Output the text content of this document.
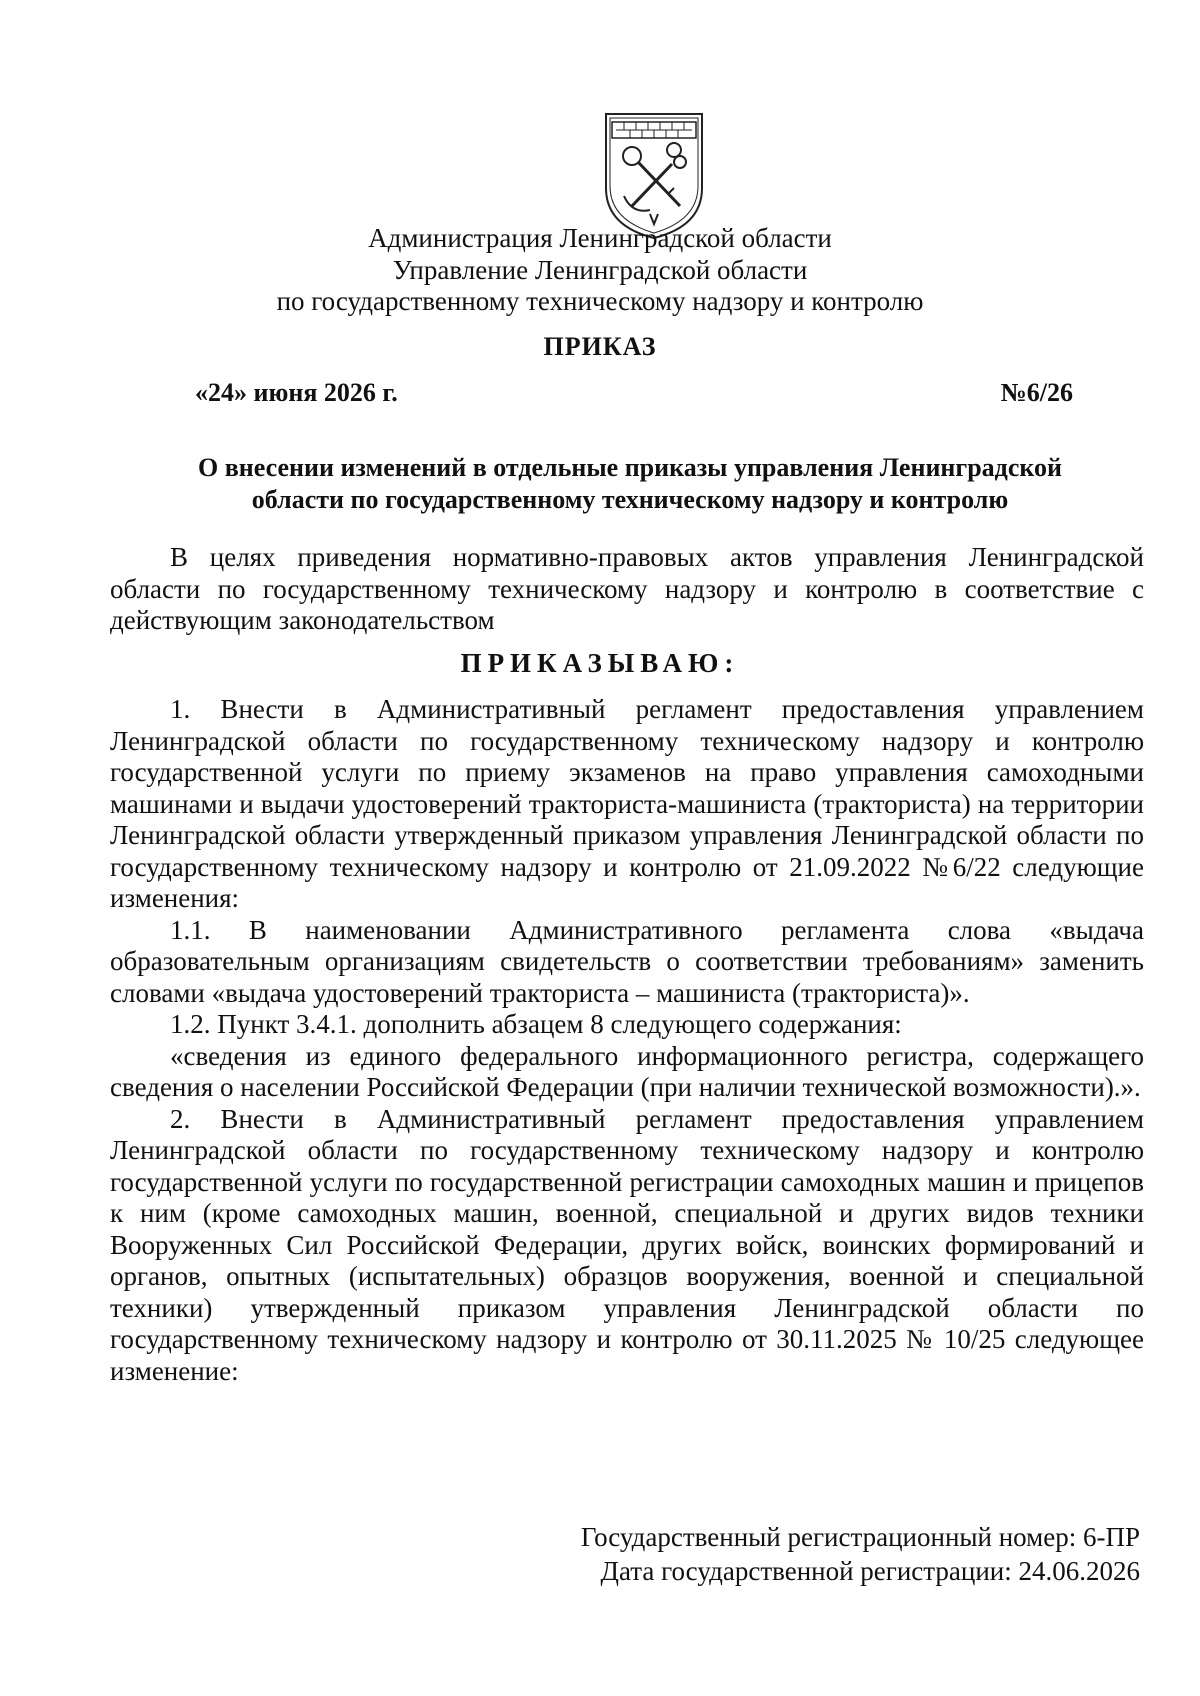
Администрация Ленинградской области
Управление Ленинградской области
по государственному техническому надзору и контролю
ПРИКАЗ
«24» июня 2026 г.	№6/26
О внесении изменений в отдельные приказы управления Ленинградской области по государственному техническому надзору и контролю

В целях приведения нормативно-правовых актов управления Ленинградской области по государственному техническому надзору и контролю в соответствие с действующим законодательством

ПРИКАЗЫВАЮ:

1. Внести в Административный регламент предоставления управлением Ленинградской области по государственному техническому надзору и контролю государственной услуги по приему экзаменов на право управления самоходными машинами и выдачи удостоверений тракториста-машиниста (тракториста) на территории Ленинградской области утвержденный приказом управления Ленинградской области по государственному техническому надзору и контролю от 21.09.2022 №6/22 следующие изменения:

1.1. В наименовании Административного регламента слова «выдача образовательным организациям свидетельств о соответствии требованиям» заменить словами «выдача удостоверений тракториста – машиниста (тракториста)».

1.2. Пункт 3.4.1. дополнить абзацем 8 следующего содержания:

«сведения из единого федерального информационного регистра, содержащего сведения о населении Российской Федерации (при наличии технической возможности).».

2. Внести в Административный регламент предоставления управлением Ленинградской области по государственному техническому надзору и контролю государственной услуги по государственной регистрации самоходных машин и прицепов к ним (кроме самоходных машин, военной, специальной и других видов техники Вооруженных Сил Российской Федерации, других войск, воинских формирований и органов, опытных (испытательных) образцов вооружения, военной и специальной техники) утвержденный приказом управления Ленинградской области по государственному техническому надзору и контролю от 30.11.2025 № 10/25 следующее изменение:

Государственный регистрационный номер: 6-ПР
Дата государственной регистрации: 24.06.2026
